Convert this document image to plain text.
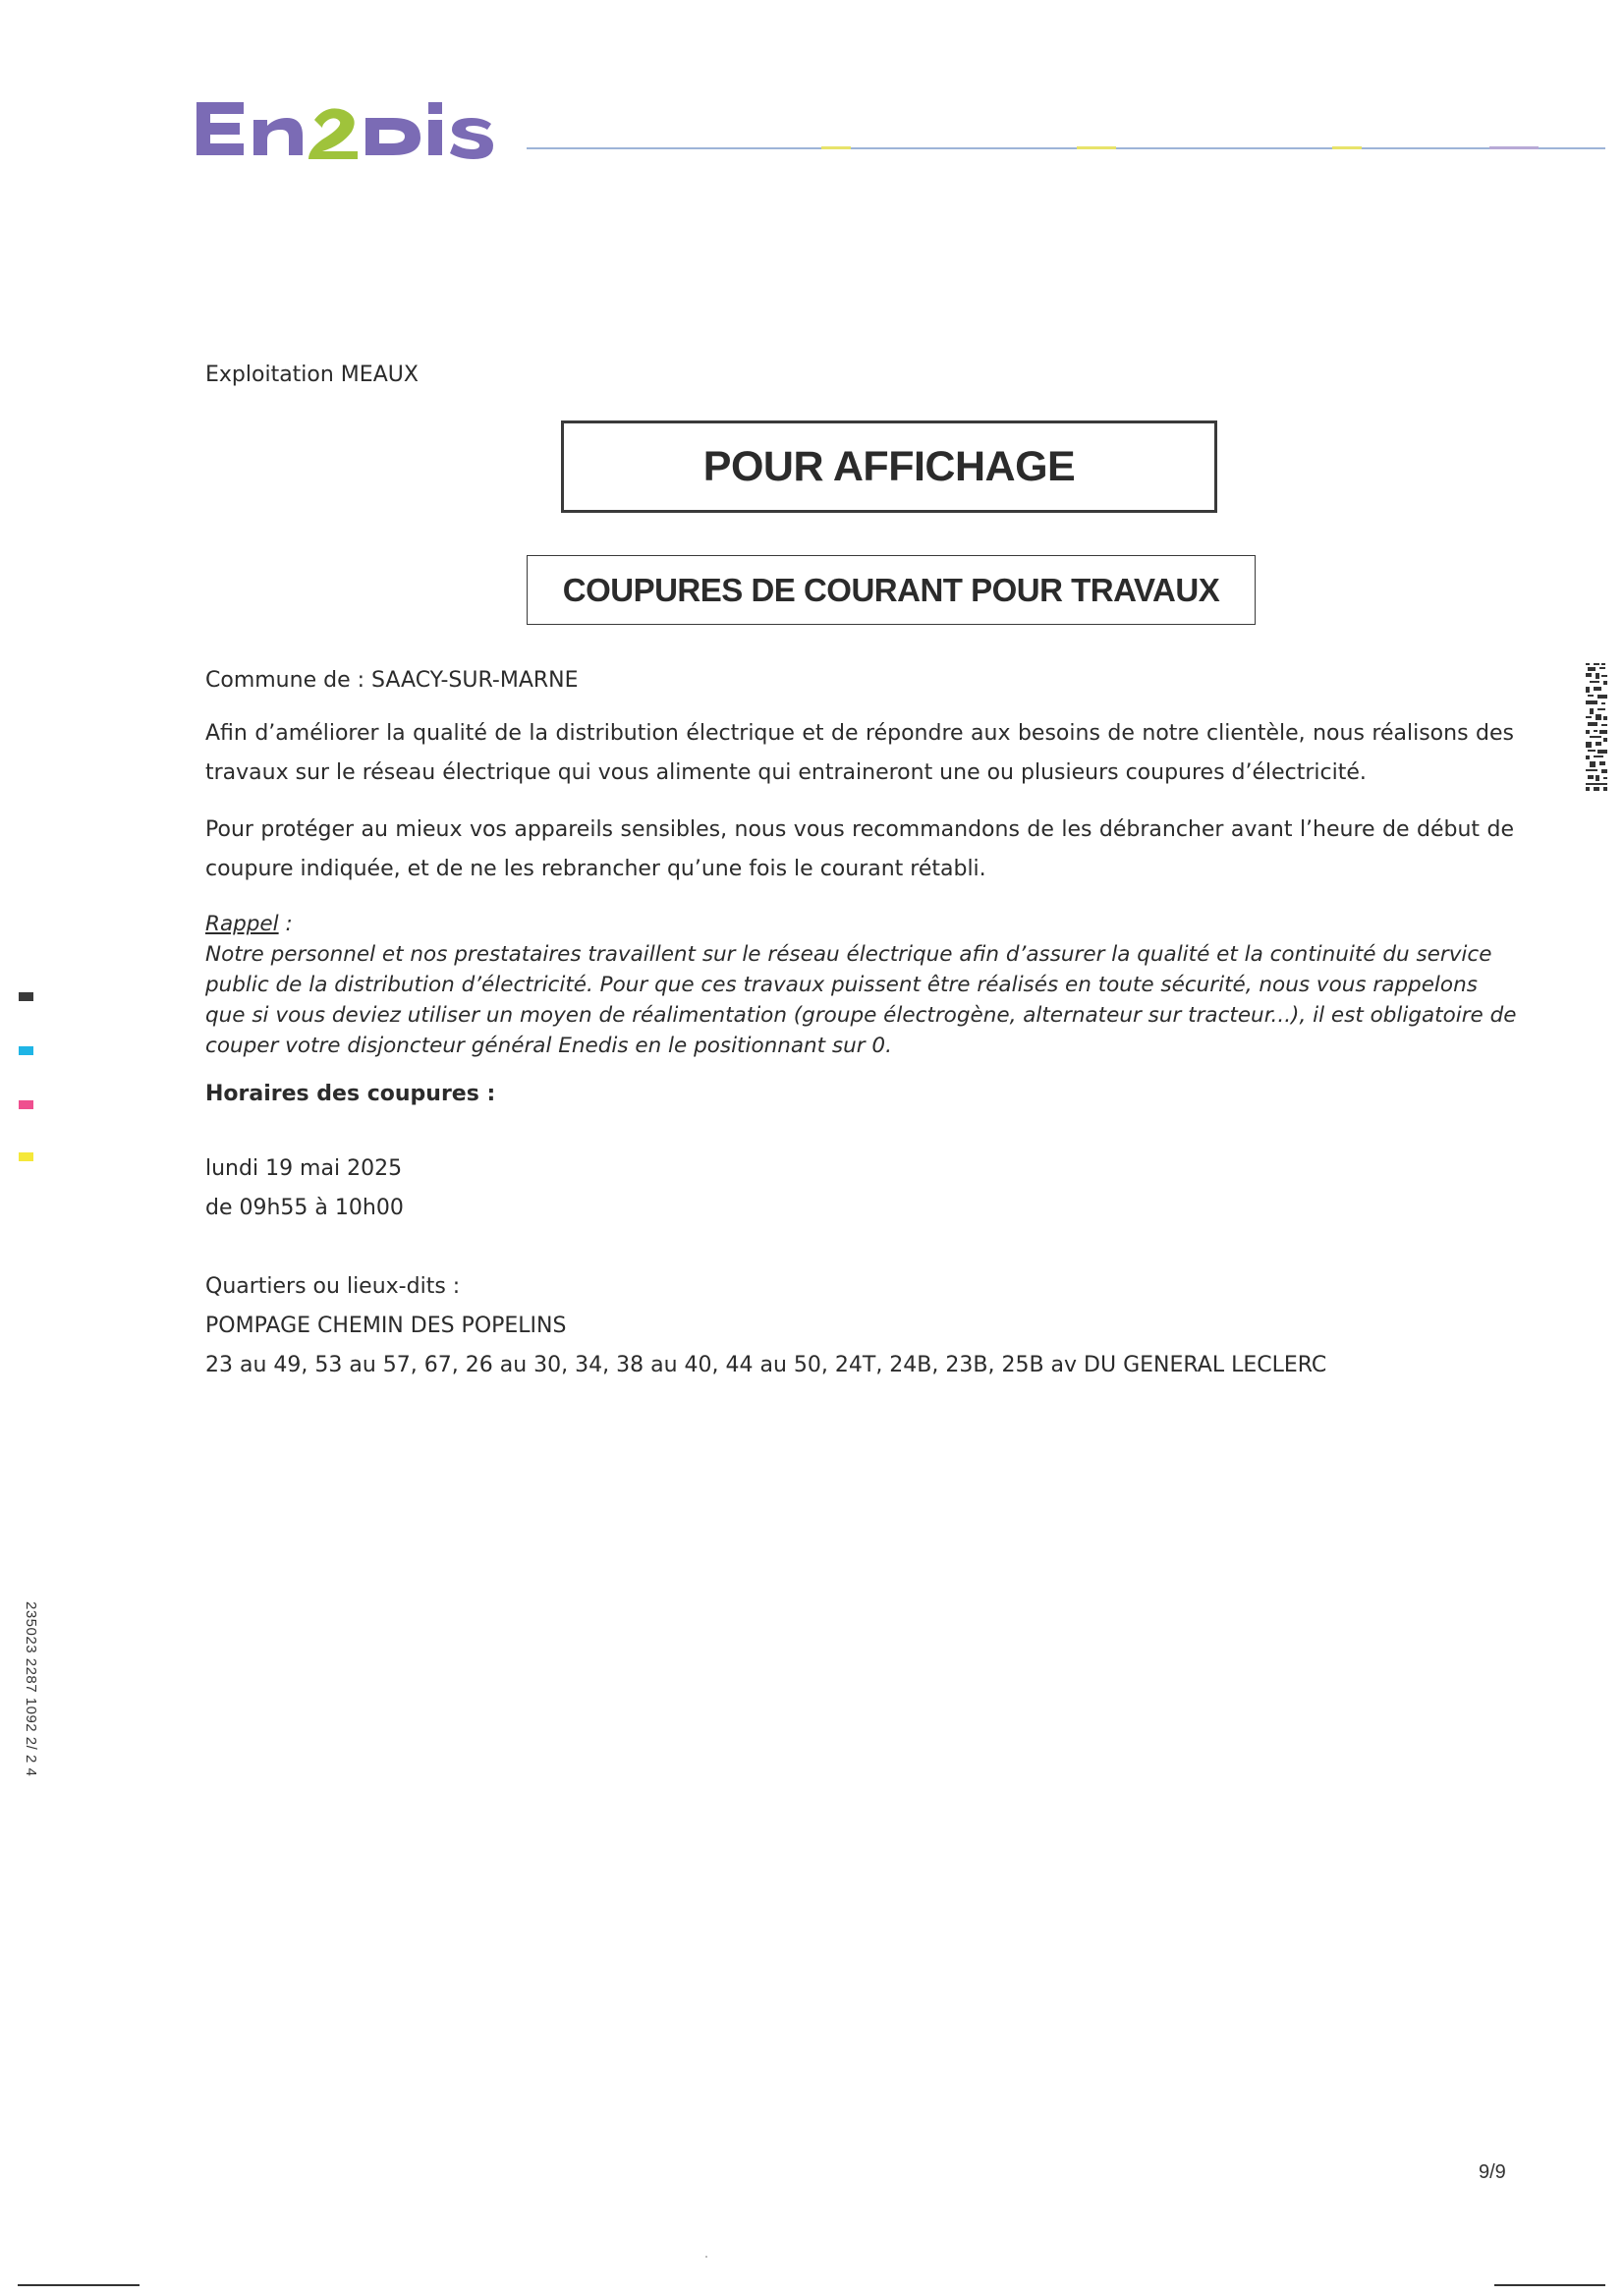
Exploitation MEAUX
POUR AFFICHAGE
COUPURES DE COURANT POUR TRAVAUX
Commune de : SAACY-SUR-MARNE
Afin d’améliorer la qualité de la distribution électrique et de répondre aux besoins de notre clientèle, nous réalisons des travaux sur le réseau électrique qui vous alimente qui entraineront une ou plusieurs coupures d’électricité.
Pour protéger au mieux vos appareils sensibles, nous vous recommandons de les débrancher avant l’heure de début de coupure indiquée, et de ne les rebrancher qu’une fois le courant rétabli.
Rappel :
Notre personnel et nos prestataires travaillent sur le réseau électrique afin d’assurer la qualité et la continuité du service public de la distribution d’électricité. Pour que ces travaux puissent être réalisés en toute sécurité, nous vous rappelons que si vous deviez utiliser un moyen de réalimentation (groupe électrogène, alternateur sur tracteur...), il est obligatoire de couper votre disjoncteur général Enedis en le positionnant sur 0.
Horaires des coupures :
lundi 19 mai 2025
de 09h55 à 10h00
Quartiers ou lieux-dits :
POMPAGE CHEMIN DES POPELINS
23 au 49, 53 au 57, 67, 26 au 30, 34, 38 au 40, 44 au 50, 24T, 24B, 23B, 25B av DU GENERAL LECLERC
235023 2287 1092 2/ 2 4
9/9
